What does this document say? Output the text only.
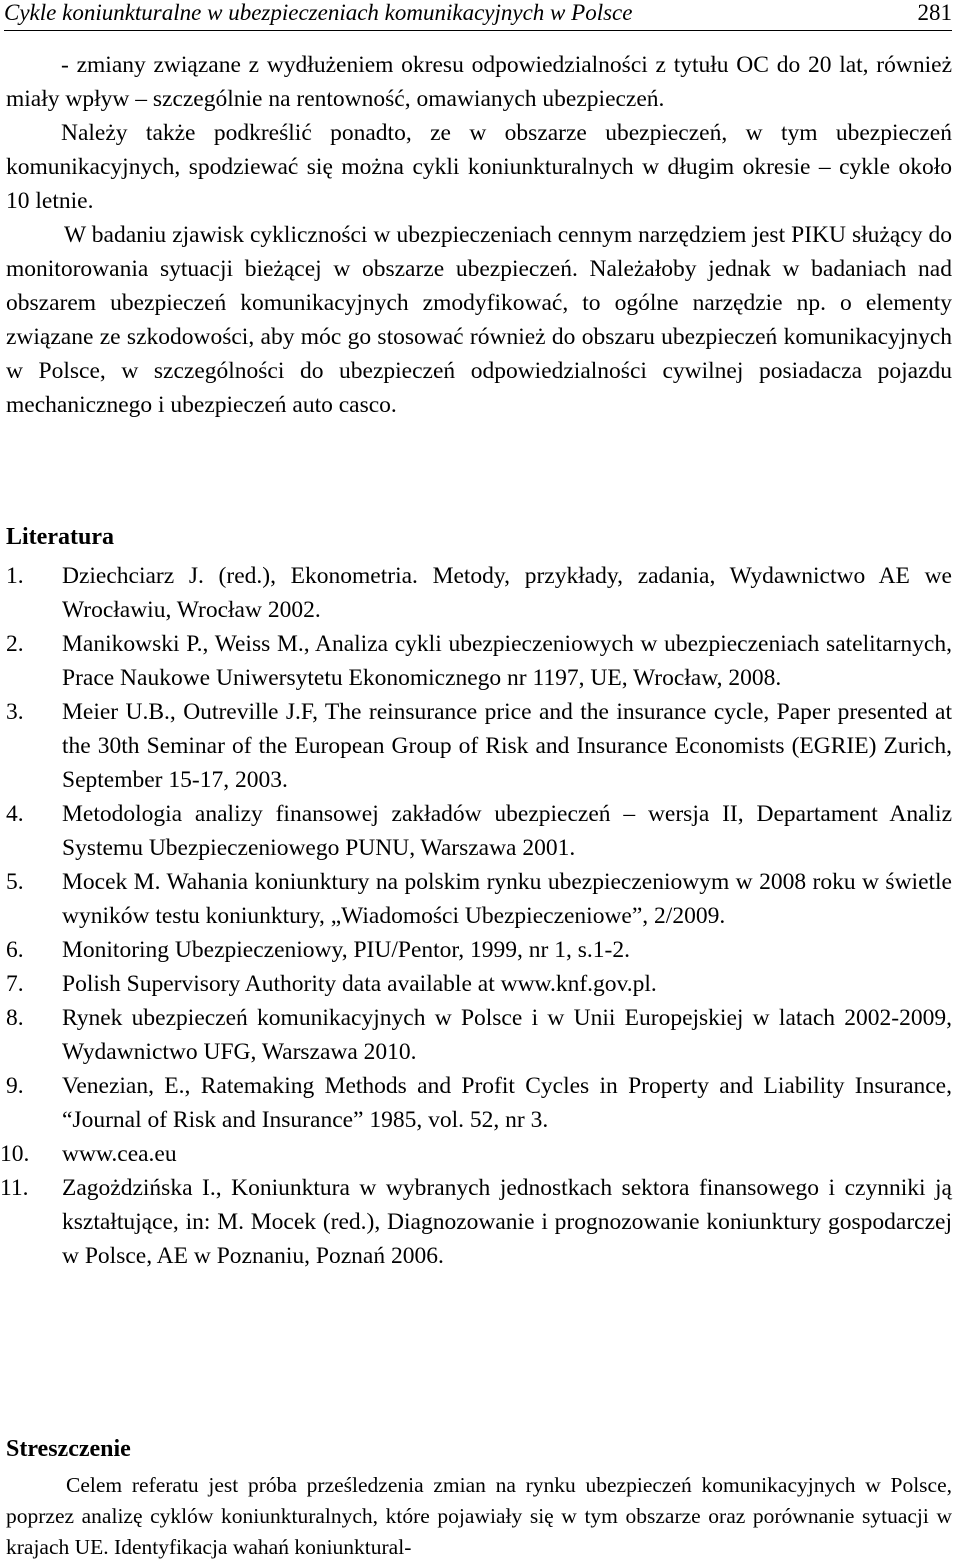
Cykle koniunkturalne w ubezpieczeniach komunikacyjnych w Polsce	281

- zmiany związane z wydłużeniem okresu odpowiedzialności z tytułu OC do 20 lat, również miały wpływ – szczególnie na rentowność, omawianych ubezpieczeń.

Należy także podkreślić ponadto, ze w obszarze ubezpieczeń, w tym ubezpieczeń komunikacyjnych, spodziewać się można cykli koniunkturalnych w długim okresie – cykle około 10 letnie.

W badaniu zjawisk cykliczności w ubezpieczeniach cennym narzędziem jest PIKU służący do monitorowania sytuacji bieżącej w obszarze ubezpieczeń. Należałoby jednak w badaniach nad obszarem ubezpieczeń komunikacyjnych zmodyfikować, to ogólne narzędzie np. o elementy związane ze szkodowości, aby móc go stosować również do obszaru ubezpieczeń komunikacyjnych w Polsce, w szczególności do ubezpieczeń odpowiedzialności cywilnej posiadacza pojazdu mechanicznego i ubezpieczeń auto casco.

Literatura
1.	Dziechciarz J. (red.), Ekonometria. Metody, przykłady, zadania, Wydawnictwo AE we Wrocławiu, Wrocław 2002.
2.	Manikowski P., Weiss M., Analiza cykli ubezpieczeniowych w ubezpieczeniach satelitarnych, Prace Naukowe Uniwersytetu Ekonomicznego nr 1197, UE, Wrocław, 2008.
3.	Meier U.B., Outreville J.F, The reinsurance price and the insurance cycle, Paper presented at the 30th Seminar of the European Group of Risk and Insurance Economists (EGRIE) Zurich, September 15-17, 2003.
4.	Metodologia analizy finansowej zakładów ubezpieczeń – wersja II, Departament Analiz Systemu Ubezpieczeniowego PUNU, Warszawa 2001.
5.	Mocek M. Wahania koniunktury na polskim rynku ubezpieczeniowym w 2008 roku w świetle wyników testu koniunktury, „Wiadomości Ubezpieczeniowe”, 2/2009.
6.	Monitoring Ubezpieczeniowy, PIU/Pentor, 1999, nr 1, s.1-2.
7.	Polish Supervisory Authority data available at www.knf.gov.pl.
8.	Rynek ubezpieczeń komunikacyjnych w Polsce i w Unii Europejskiej w latach 2002-2009, Wydawnictwo UFG, Warszawa 2010.
9.	Venezian, E., Ratemaking Methods and Profit Cycles in Property and Liability Insurance, “Journal of Risk and Insurance” 1985, vol. 52, nr 3.
10.	www.cea.eu
11.	Zagożdzińska I., Koniunktura w wybranych jednostkach sektora finansowego i czynniki ją kształtujące, in: M. Mocek (red.), Diagnozowanie i prognozowanie koniunktury gospodarczej w Polsce, AE w Poznaniu, Poznań 2006.
Streszczenie

Celem referatu jest próba prześledzenia zmian na rynku ubezpieczeń komunikacyjnych w Polsce, poprzez analizę cyklów koniunkturalnych, które pojawiały się w tym obszarze oraz porównanie sytuacji w krajach UE. Identyfikacja wahań koniunktural-
